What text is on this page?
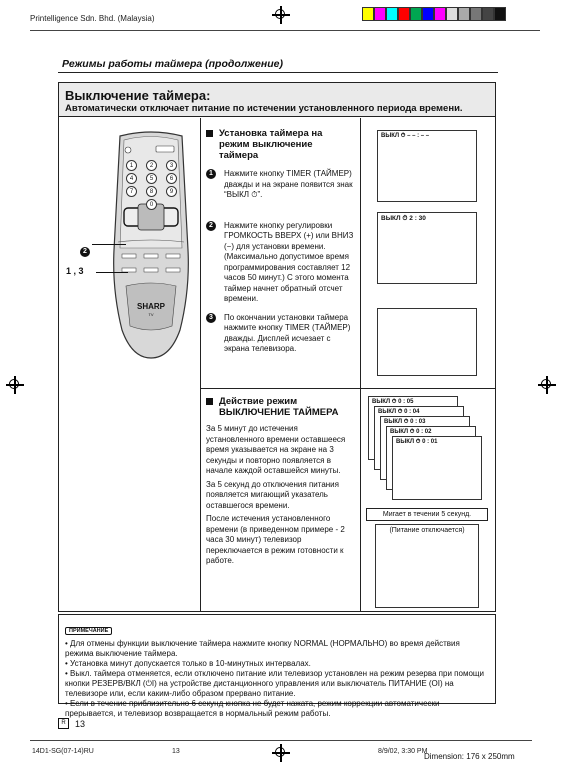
Printelligence Sdn. Bhd. (Malaysia)
Режимы работы таймера (продолжение)
Выключение таймера:
Автоматически отключает питание по истечении установленного периода времени.
1	2	3
4	5	6
7	8	9
0
SHARP
TV
2
1 , 3
Установка таймера на режим выключение таймера
1	Нажмите кнопку TIMER (ТАЙМЕР) дважды и на экране появится знак “ВЫКЛ ⏱”.
2	Нажмите кнопку регулировки ГРОМКОСТЬ ВВЕРХ (+) или ВНИЗ (−) для установки времени. (Максимально допустимое время программирования составляет 12 часов 50 минут.) С этого момента таймер начнет обратный отсчет времени.
3	По окончании установки таймера нажмите кнопку TIMER (ТАЙМЕР) дважды. Дисплей исчезает с экрана телевизора.
ВЫКЛ ⏱ – – : – –
ВЫКЛ ⏱ 2 : 30
Действие режим ВЫКЛЮЧЕНИЕ ТАЙМЕРА
За 5 минут до истечения установленного времени оставшееся время указывается на экране на 3 секунды и повторно появляется в начале каждой оставшейся минуты.
За 5 секунд до отключения питания появляется мигающий указатель оставшегося времени.
После истечения установленного времени (в приведенном примере - 2 часа 30 минут) телевизор переключается в режим готовности к работе.
ВЫКЛ ⏱ 0 : 05
ВЫКЛ ⏱ 0 : 04
ВЫКЛ ⏱ 0 : 03
ВЫКЛ ⏱ 0 : 02
ВЫКЛ ⏱ 0 : 01
Мигает в течении 5 секунд.
(Питание отключается)
ПРИМЕЧАНИЕ
• Для отмены функции выключение таймера нажмите кнопку NORMAL (НОРМАЛЬНО) во время действия режима выключение таймера.
• Установка минут допускается только в 10-минутных интервалах.
• Выкл. таймера отменяется, если отключено питание или телевизор установлен на режим резерва при помощи кнопки РЕЗЕРВ/ВКЛ (⏻I) на устройстве дистанционного управления или выключатель ПИТАНИЕ (OI) на телевизоре или, если каким-либо образом прервано питание.
• Если в течение приблизительно 6 секунд кнопка не будет нажата, режим коррекции автоматически прерывается, и телевизор возвращается в нормальный режим работы.
R	13
14D1-SG(07-14)RU	13	8/9/02, 3:30 PM
Dimension: 176 x 250mm
